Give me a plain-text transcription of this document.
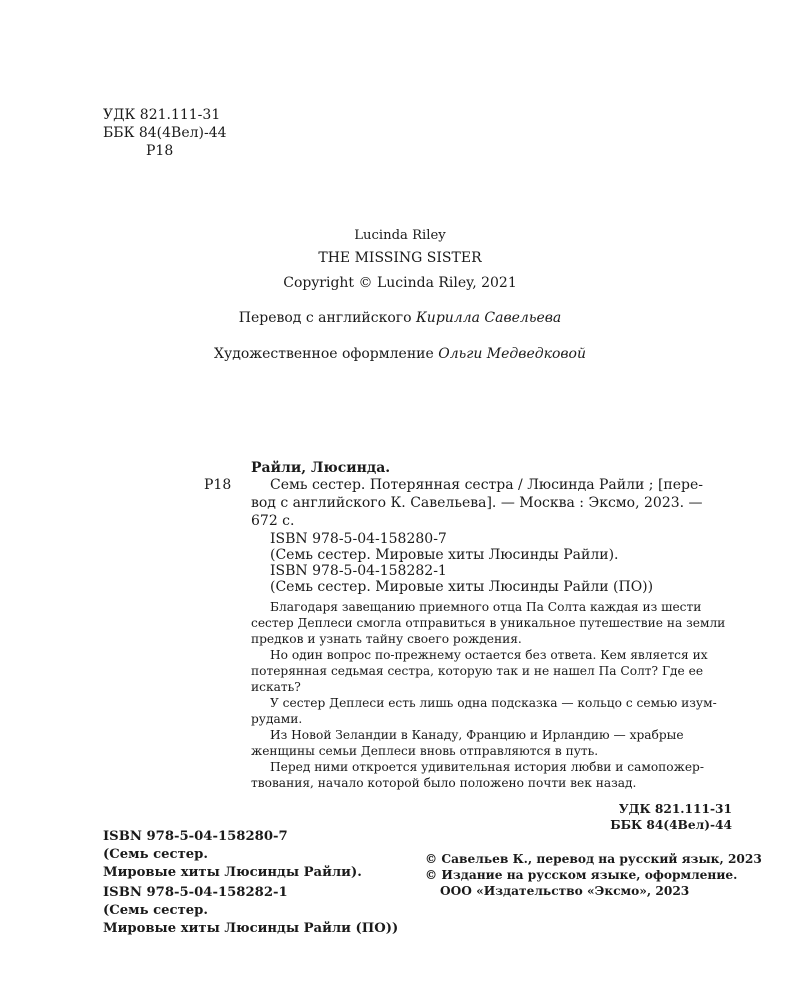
УДК 821.111-31
ББК 84(4Вел)-44
Р18
Lucinda Riley
THE MISSING SISTER
Copyright © Lucinda Riley, 2021
Перевод с английского Кирилла Савельева
Художественное оформление Ольги Медведковой
Райли, Люсинда.
Р18	Семь сестер. Потерянная сестра / Люсинда Райли ; [пере-
вод с английского К. Савельева]. — Москва : Эксмо, 2023. —
672 с.
ISBN 978-5-04-158280-7
(Семь сестер. Мировые хиты Люсинды Райли).
ISBN 978-5-04-158282-1
(Семь сестер. Мировые хиты Люсинды Райли (ПО))
Благодаря завещанию приемного отца Па Солта каждая из шести
сестер Деплеси смогла отправиться в уникальное путешествие на земли
предков и узнать тайну своего рождения.
Но один вопрос по-прежнему остается без ответа. Кем является их
потерянная седьмая сестра, которую так и не нашел Па Солт? Где ее
искать?
У сестер Деплеси есть лишь одна подсказка — кольцо с семью изум-
рудами.
Из Новой Зеландии в Канаду, Францию и Ирландию — храбрые
женщины семьи Деплеси вновь отправляются в путь.
Перед ними откроется удивительная история любви и самопожер-
твования, начало которой было положено почти век назад.
УДК 821.111-31
ББК 84(4Вел)-44
ISBN 978-5-04-158280-7
(Семь сестер.
Мировые хиты Люсинды Райли).
ISBN 978-5-04-158282-1
(Семь сестер.
Мировые хиты Люсинды Райли (ПО))
© Савельев К., перевод на русский язык, 2023
© Издание на русском языке, оформление.
ООО «Издательство «Эксмо», 2023
